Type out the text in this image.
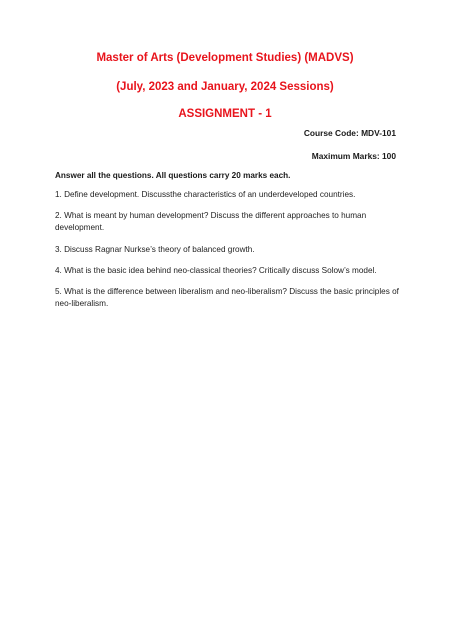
Master of Arts (Development Studies) (MADVS)

(July, 2023 and January, 2024 Sessions)

ASSIGNMENT - 1

Course Code: MDV-101
Maximum Marks: 100
Answer all the questions. All questions carry 20 marks each.
1. Define development. Discussthe characteristics of an underdeveloped countries.
2. What is meant by human development? Discuss the different approaches to human development.
3. Discuss Ragnar Nurkse’s theory of balanced growth.
4. What is the basic idea behind neo-classical theories? Critically discuss Solow’s model.
5. What is the difference between liberalism and neo-liberalism? Discuss the basic principles of neo-liberalism.
